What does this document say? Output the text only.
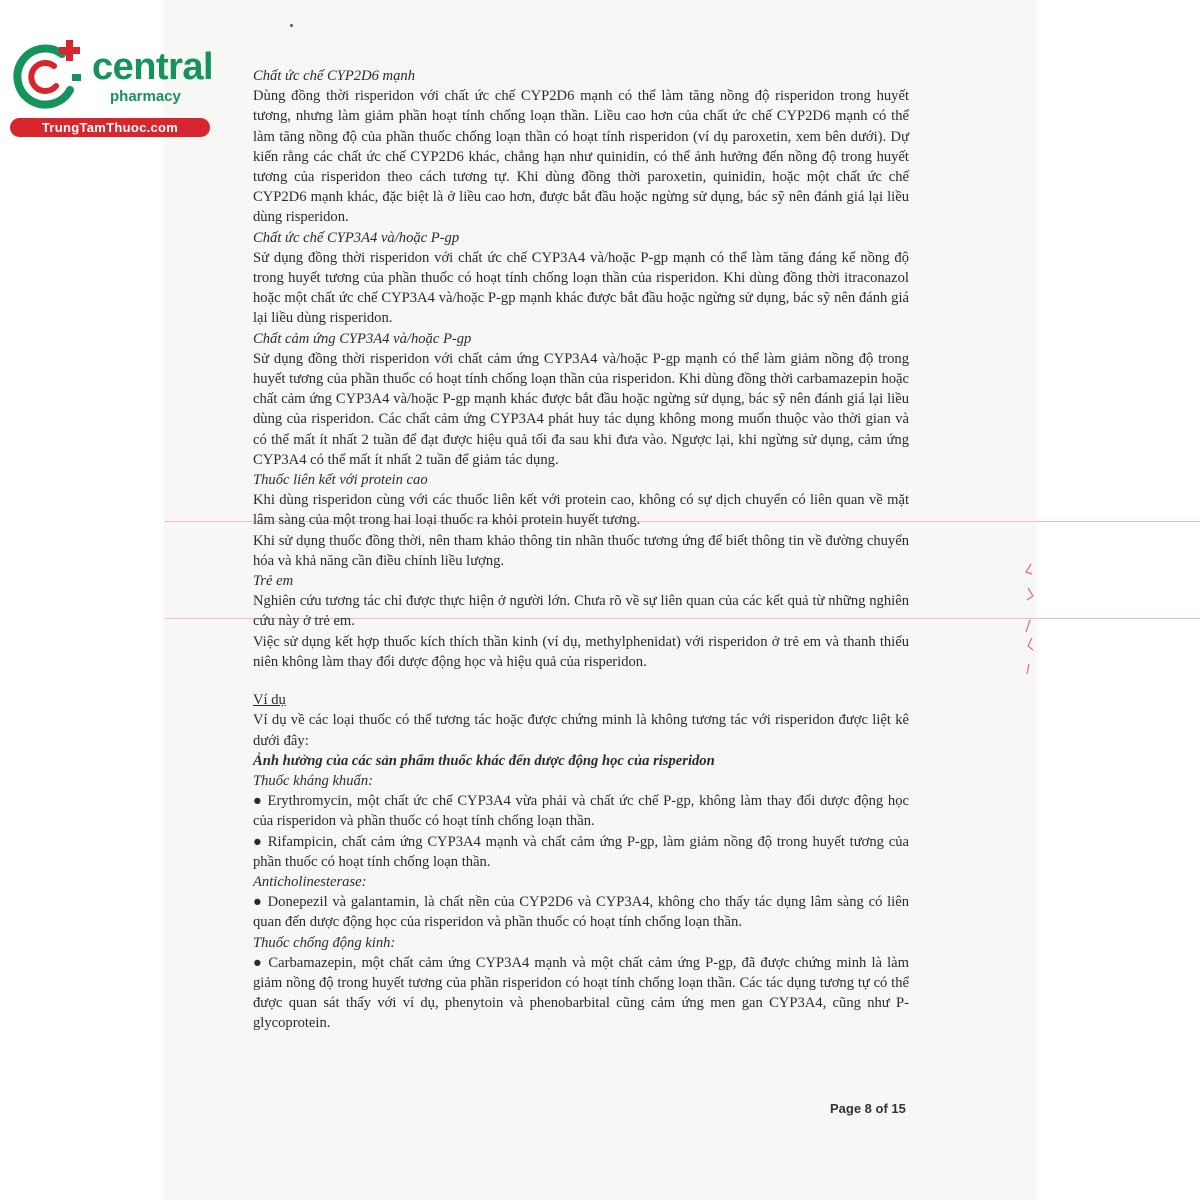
central
pharmacy
TrungTamThuoc.com

Chất ức chế CYP2D6 mạnh

Dùng đồng thời risperidon với chất ức chế CYP2D6 mạnh có thể làm tăng nồng độ risperidon trong huyết tương, nhưng làm giảm phần hoạt tính chống loạn thần. Liều cao hơn của chất ức chế CYP2D6 mạnh có thể làm tăng nồng độ của phần thuốc chống loạn thần có hoạt tính risperidon (ví dụ paroxetin, xem bên dưới). Dự kiến rằng các chất ức chế CYP2D6 khác, chẳng hạn như quinidin, có thể ảnh hưởng đến nồng độ trong huyết tương của risperidon theo cách tương tự. Khi dùng đồng thời paroxetin, quinidin, hoặc một chất ức chế CYP2D6 mạnh khác, đặc biệt là ở liều cao hơn, được bắt đầu hoặc ngừng sử dụng, bác sỹ nên đánh giá lại liều dùng risperidon.

Chất ức chế CYP3A4 và/hoặc P-gp

Sử dụng đồng thời risperidon với chất ức chế CYP3A4 và/hoặc P-gp mạnh có thể làm tăng đáng kể nồng độ trong huyết tương của phần thuốc có hoạt tính chống loạn thần của risperidon. Khi dùng đồng thời itraconazol hoặc một chất ức chế CYP3A4 và/hoặc P-gp mạnh khác được bắt đầu hoặc ngừng sử dụng, bác sỹ nên đánh giá lại liều dùng risperidon.

Chất cảm ứng CYP3A4 và/hoặc P-gp

Sử dụng đồng thời risperidon với chất cảm ứng CYP3A4 và/hoặc P-gp mạnh có thể làm giảm nồng độ trong huyết tương của phần thuốc có hoạt tính chống loạn thần của risperidon. Khi dùng đồng thời carbamazepin hoặc chất cảm ứng CYP3A4 và/hoặc P-gp mạnh khác được bắt đầu hoặc ngừng sử dụng, bác sỹ nên đánh giá lại liều dùng của risperidon. Các chất cảm ứng CYP3A4 phát huy tác dụng không mong muốn thuộc vào thời gian và có thể mất ít nhất 2 tuần để đạt được hiệu quả tối đa sau khi đưa vào. Ngược lại, khi ngừng sử dụng, cảm ứng CYP3A4 có thể mất ít nhất 2 tuần để giảm tác dụng.

Thuốc liên kết với protein cao

Khi dùng risperidon cùng với các thuốc liên kết với protein cao, không có sự dịch chuyển có liên quan về mặt lâm sàng của một trong hai loại thuốc ra khỏi protein huyết tương.

Khi sử dụng thuốc đồng thời, nên tham khảo thông tin nhãn thuốc tương ứng để biết thông tin về đường chuyển hóa và khả năng cần điều chỉnh liều lượng.

Trẻ em

Nghiên cứu tương tác chỉ được thực hiện ở người lớn. Chưa rõ về sự liên quan của các kết quả từ những nghiên cứu này ở trẻ em.

Việc sử dụng kết hợp thuốc kích thích thần kinh (ví dụ, methylphenidat) với risperidon ở trẻ em và thanh thiếu niên không làm thay đổi dược động học và hiệu quả của risperidon.

Ví dụ

Ví dụ về các loại thuốc có thể tương tác hoặc được chứng minh là không tương tác với risperidon được liệt kê dưới đây:

Ảnh hưởng của các sản phẩm thuốc khác đến dược động học của risperidon

Thuốc kháng khuẩn:

● Erythromycin, một chất ức chế CYP3A4 vừa phải và chất ức chế P-gp, không làm thay đổi dược động học của risperidon và phần thuốc có hoạt tính chống loạn thần.

● Rifampicin, chất cảm ứng CYP3A4 mạnh và chất cảm ứng P-gp, làm giảm nồng độ trong huyết tương của phần thuốc có hoạt tính chống loạn thần.

Anticholinesterase:

● Donepezil và galantamin, là chất nền của CYP2D6 và CYP3A4, không cho thấy tác dụng lâm sàng có liên quan đến dược động học của risperidon và phần thuốc có hoạt tính chống loạn thần.

Thuốc chống động kinh:

● Carbamazepin, một chất cảm ứng CYP3A4 mạnh và một chất cảm ứng P-gp, đã được chứng minh là làm giảm nồng độ trong huyết tương của phần risperidon có hoạt tính chống loạn thần. Các tác dụng tương tự có thể được quan sát thấy với ví dụ, phenytoin và phenobarbital cũng cảm ứng men gan CYP3A4, cũng như P-glycoprotein.

Page 8 of 15
